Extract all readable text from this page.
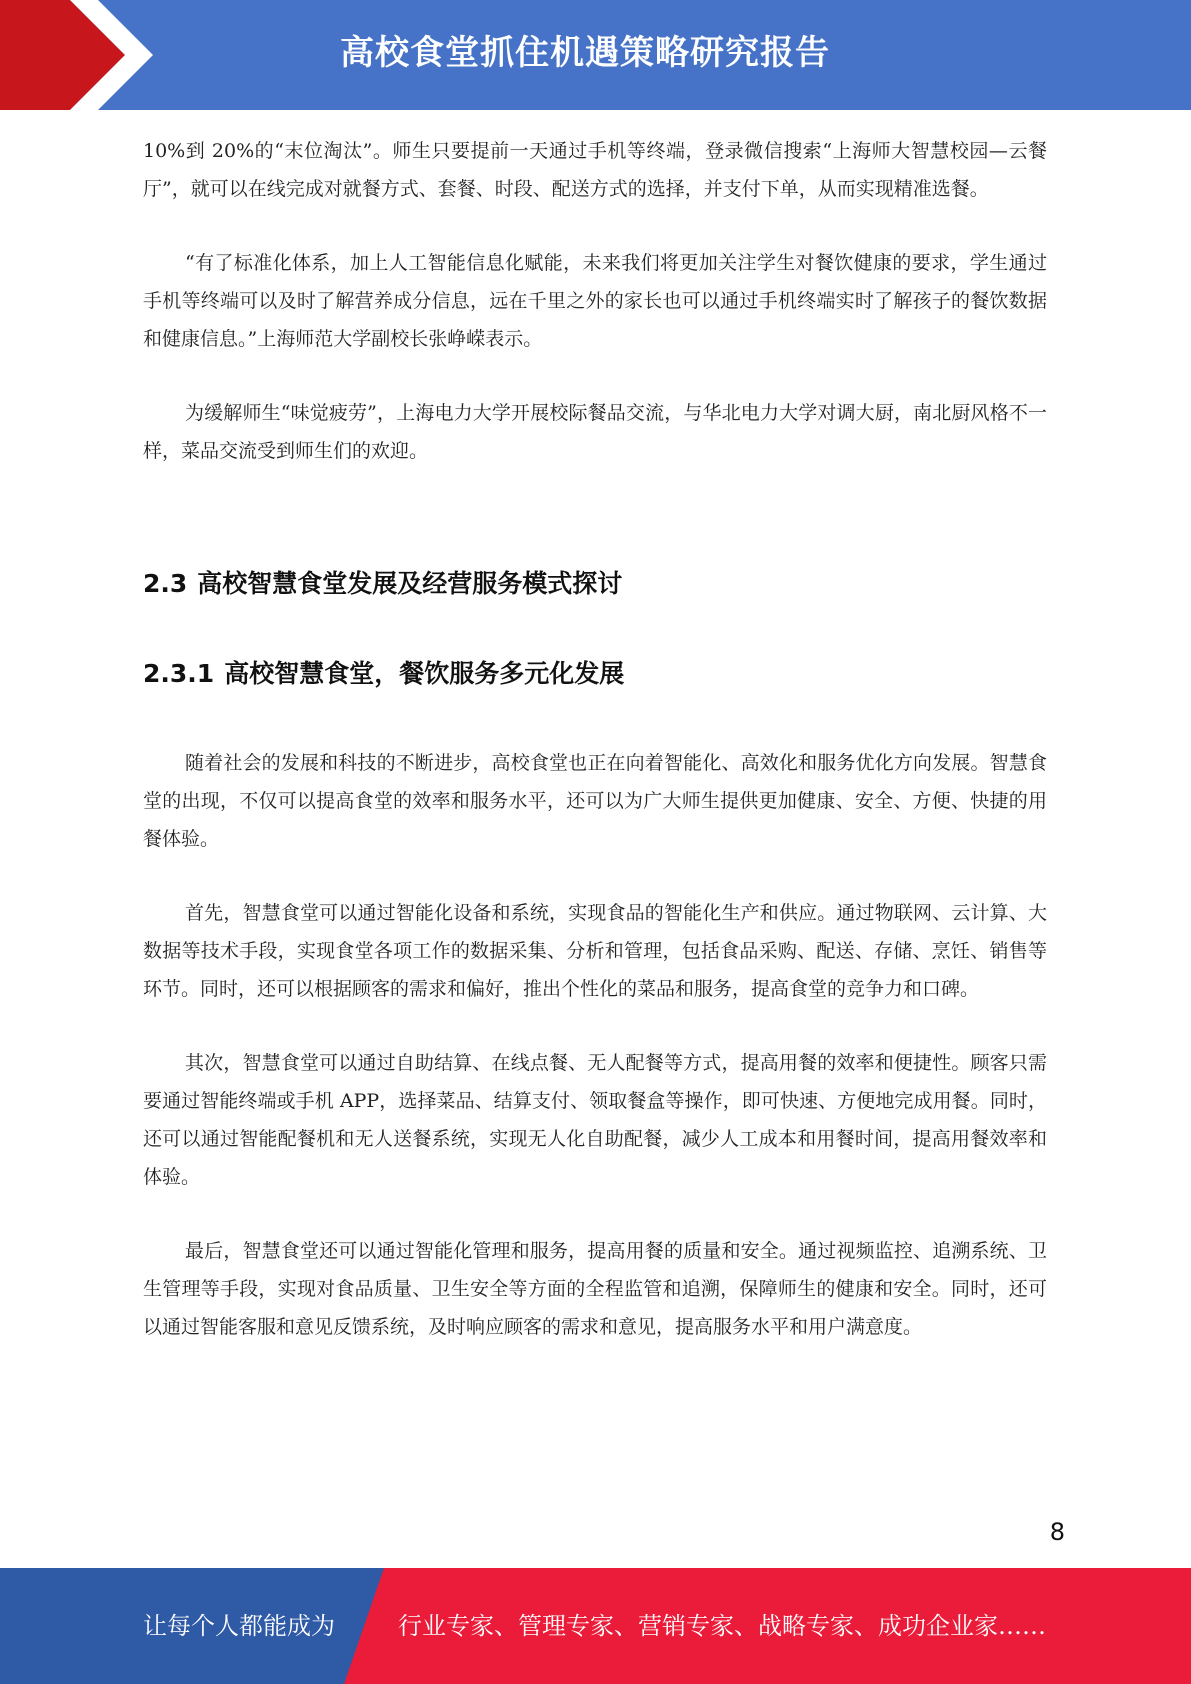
高校食堂抓住机遇策略研究报告

10%到 20%的“末位淘汰”。师生只要提前一天通过手机等终端，登录微信搜索“上海师大智慧校园—云餐厅”，就可以在线完成对就餐方式、套餐、时段、配送方式的选择，并支付下单，从而实现精准选餐。

“有了标准化体系，加上人工智能信息化赋能，未来我们将更加关注学生对餐饮健康的要求，学生通过手机等终端可以及时了解营养成分信息，远在千里之外的家长也可以通过手机终端实时了解孩子的餐饮数据和健康信息。”上海师范大学副校长张峥嵘表示。

为缓解师生“味觉疲劳”，上海电力大学开展校际餐品交流，与华北电力大学对调大厨，南北厨风格不一样，菜品交流受到师生们的欢迎。

2.3 高校智慧食堂发展及经营服务模式探讨
2.3.1 高校智慧食堂，餐饮服务多元化发展

随着社会的发展和科技的不断进步，高校食堂也正在向着智能化、高效化和服务优化方向发展。智慧食堂的出现，不仅可以提高食堂的效率和服务水平，还可以为广大师生提供更加健康、安全、方便、快捷的用餐体验。

首先，智慧食堂可以通过智能化设备和系统，实现食品的智能化生产和供应。通过物联网、云计算、大数据等技术手段，实现食堂各项工作的数据采集、分析和管理，包括食品采购、配送、存储、烹饪、销售等环节。同时，还可以根据顾客的需求和偏好，推出个性化的菜品和服务，提高食堂的竞争力和口碑。

其次，智慧食堂可以通过自助结算、在线点餐、无人配餐等方式，提高用餐的效率和便捷性。顾客只需要通过智能终端或手机 APP，选择菜品、结算支付、领取餐盒等操作，即可快速、方便地完成用餐。同时，还可以通过智能配餐机和无人送餐系统，实现无人化自助配餐，减少人工成本和用餐时间，提高用餐效率和体验。

最后，智慧食堂还可以通过智能化管理和服务，提高用餐的质量和安全。通过视频监控、追溯系统、卫生管理等手段，实现对食品质量、卫生安全等方面的全程监管和追溯，保障师生的健康和安全。同时，还可以通过智能客服和意见反馈系统，及时响应顾客的需求和意见，提高服务水平和用户满意度。

8
让每个人都能成为	行业专家、管理专家、营销专家、战略专家、成功企业家……
